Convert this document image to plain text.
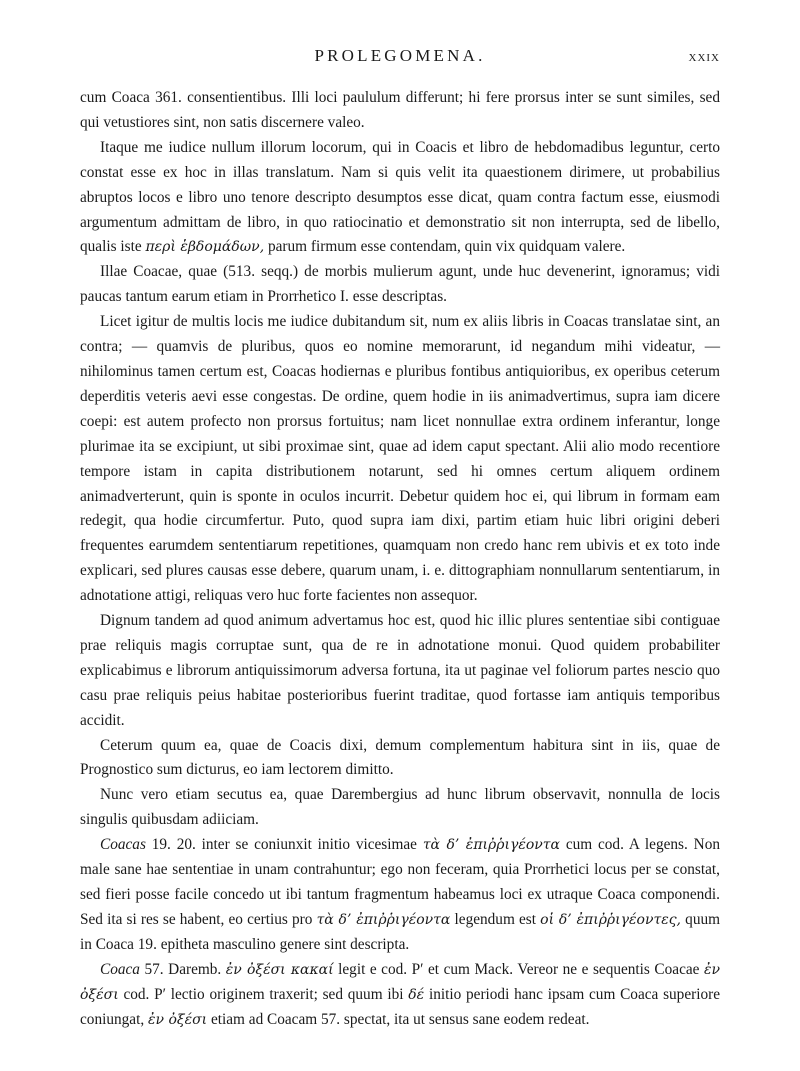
PROLEGOMENA.	XXIX

cum Coaca 361. consentientibus. Illi loci paululum differunt; hi fere prorsus inter se sunt similes, sed qui vetustiores sint, non satis discernere valeo.

Itaque me iudice nullum illorum locorum, qui in Coacis et libro de hebdomadibus leguntur, certo constat esse ex hoc in illas translatum. Nam si quis velit ita quaestionem dirimere, ut probabilius abruptos locos e libro uno tenore descripto desumptos esse dicat, quam contra factum esse, eiusmodi argumentum admittam de libro, in quo ratiocinatio et demonstratio sit non interrupta, sed de libello, qualis iste περὶ ἑβδομάδων, parum firmum esse contendam, quin vix quidquam valere.

Illae Coacae, quae (513. seqq.) de morbis mulierum agunt, unde huc devenerint, ignoramus; vidi paucas tantum earum etiam in Prorrhetico I. esse descriptas.

Licet igitur de multis locis me iudice dubitandum sit, num ex aliis libris in Coacas translatae sint, an contra; — quamvis de pluribus, quos eo nomine memorarunt, id negandum mihi videatur, — nihilominus tamen certum est, Coacas hodiernas e pluribus fontibus antiquioribus, ex operibus ceterum deperditis veteris aevi esse congestas. De ordine, quem hodie in iis animadvertimus, supra iam dicere coepi: est autem profecto non prorsus fortuitus; nam licet nonnullae extra ordinem inferantur, longe plurimae ita se excipiunt, ut sibi proximae sint, quae ad idem caput spectant. Alii alio modo recentiore tempore istam in capita distributionem notarunt, sed hi omnes certum aliquem ordinem animadverterunt, quin is sponte in oculos incurrit. Debetur quidem hoc ei, qui librum in formam eam redegit, qua hodie circumfertur. Puto, quod supra iam dixi, partim etiam huic libri origini deberi frequentes earumdem sententiarum repetitiones, quamquam non credo hanc rem ubivis et ex toto inde explicari, sed plures causas esse debere, quarum unam, i. e. dittographiam nonnullarum sententiarum, in adnotatione attigi, reliquas vero huc forte facientes non assequor.

Dignum tandem ad quod animum advertamus hoc est, quod hic illic plures sententiae sibi contiguae prae reliquis magis corruptae sunt, qua de re in adnotatione monui. Quod quidem probabiliter explicabimus e librorum antiquissimorum adversa fortuna, ita ut paginae vel foliorum partes nescio quo casu prae reliquis peius habitae posterioribus fuerint traditae, quod fortasse iam antiquis temporibus accidit.

Ceterum quum ea, quae de Coacis dixi, demum complementum habitura sint in iis, quae de Prognostico sum dicturus, eo iam lectorem dimitto.

Nunc vero etiam secutus ea, quae Darembergius ad hunc librum observavit, nonnulla de locis singulis quibusdam adiiciam.

Coacas 19. 20. inter se coniunxit initio vicesimae τὰ δ’ ἐπιῤῥιγέοντα cum cod. A legens. Non male sane hae sententiae in unam contrahuntur; ego non feceram, quia Prorrhetici locus per se constat, sed fieri posse facile concedo ut ibi tantum fragmentum habeamus loci ex utraque Coaca componendi. Sed ita si res se habent, eo certius pro τὰ δ’ ἐπιῤῥιγέοντα legendum est οἱ δ’ ἐπιῤῥιγέοντες, quum in Coaca 19. epitheta masculino genere sint descripta.

Coaca 57. Daremb. ἐν ὀξέσι κακαί legit e cod. P′ et cum Mack. Vereor ne e sequentis Coacae ἐν ὀξέσι cod. P′ lectio originem traxerit; sed quum ibi δέ initio periodi hanc ipsam cum Coaca superiore coniungat, ἐν ὀξέσι etiam ad Coacam 57. spectat, ita ut sensus sane eodem redeat.
